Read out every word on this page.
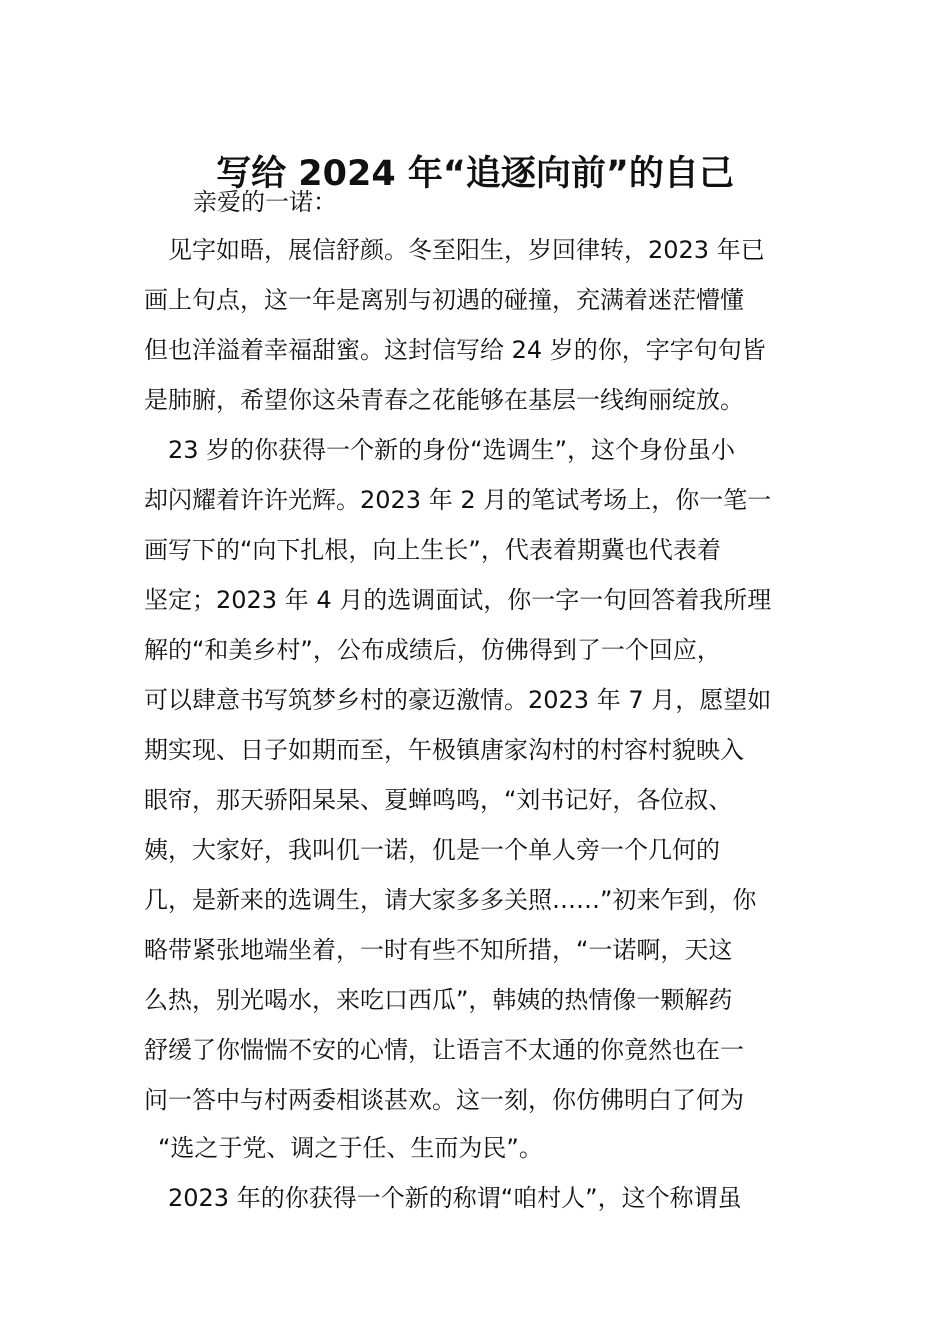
写给 2024 年“追逐向前”的自己
亲爱的一诺：
见字如晤，展信舒颜。冬至阳生，岁回律转，2023 年已
画上句点，这一年是离别与初遇的碰撞，充满着迷茫懵懂
但也洋溢着幸福甜蜜。这封信写给 24 岁的你，字字句句皆
是肺腑，希望你这朵青春之花能够在基层一线绚丽绽放。
23 岁的你获得一个新的身份“选调生”，这个身份虽小
却闪耀着许许光辉。2023 年 2 月的笔试考场上，你一笔一
画写下的“向下扎根，向上生长”，代表着期冀也代表着
坚定；2023 年 4 月的选调面试，你一字一句回答着我所理
解的“和美乡村”，公布成绩后，仿佛得到了一个回应，
可以肆意书写筑梦乡村的豪迈激情。2023 年 7 月，愿望如
期实现、日子如期而至，午极镇唐家沟村的村容村貌映入
眼帘，那天骄阳杲杲、夏蝉鸣鸣，“刘书记好，各位叔、
姨，大家好，我叫仉一诺，仉是一个单人旁一个几何的
几，是新来的选调生，请大家多多关照……”初来乍到，你
略带紧张地端坐着，一时有些不知所措，“一诺啊，天这
么热，别光喝水，来吃口西瓜”，韩姨的热情像一颗解药
舒缓了你惴惴不安的心情，让语言不太通的你竟然也在一
问一答中与村两委相谈甚欢。这一刻，你仿佛明白了何为
“选之于党、调之于任、生而为民”。
2023 年的你获得一个新的称谓“咱村人”，这个称谓虽
